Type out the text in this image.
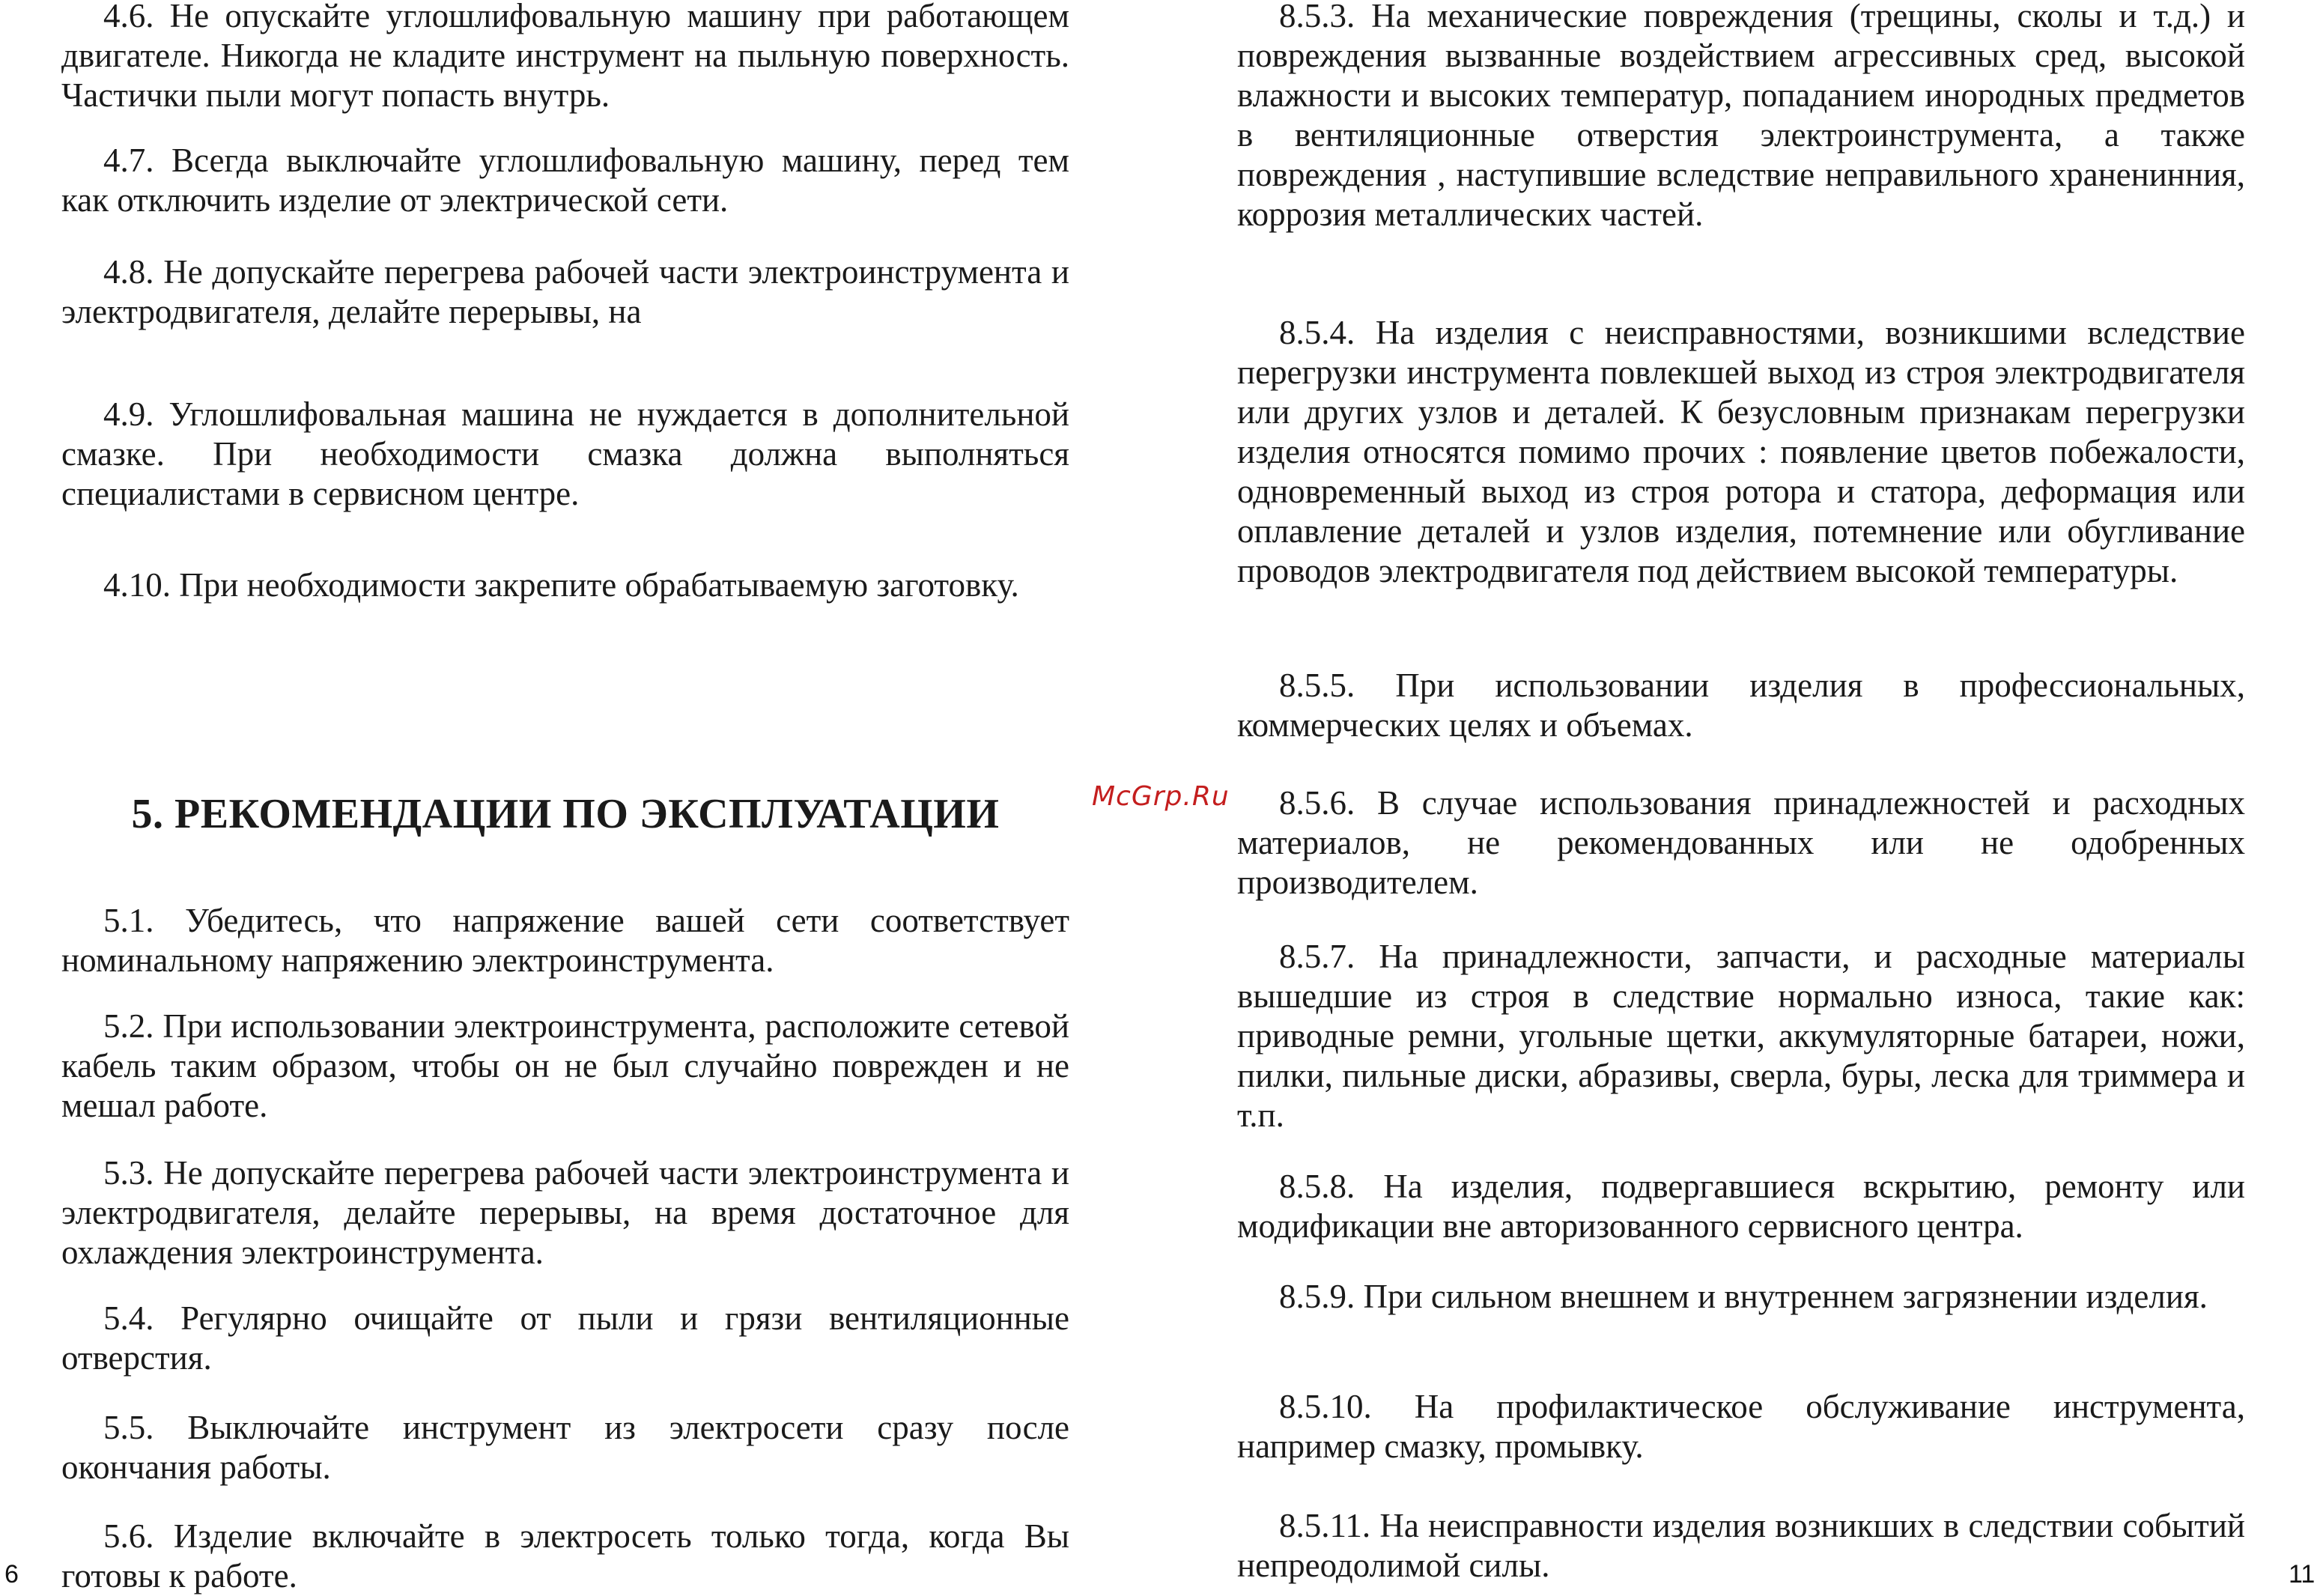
4.6. Не опускайте углошлифовальную машину при работающем двигателе. Никогда не кладите инструмент на пыльную поверхность. Частички пыли могут попасть внутрь.

4.7. Всегда выключайте углошлифовальную машину, перед тем как отключить изделие от электрической сети.

4.8. Не допускайте перегрева рабочей части электроинструмента и электродвигателя, делайте перерывы, на

4.9. Углошлифовальная машина не нуждается в дополнительной смазке. При необходимости смазка должна выполняться специалистами в сервисном центре.

4.10. При необходимости закрепите обрабатываемую заготовку.

5. РЕКОМЕНДАЦИИ ПО ЭКСПЛУАТАЦИИ

5.1. Убедитесь, что напряжение вашей сети соответствует номинальному напряжению электроинструмента.

5.2. При использовании электроинструмента, расположите сетевой кабель таким образом, чтобы он не был случайно поврежден и не мешал работе.

5.3. Не допускайте перегрева рабочей части электроинструмента и электродвигателя, делайте перерывы, на время достаточное для охлаждения электроинструмента.

5.4. Регулярно очищайте от пыли и грязи вентиляционные отверстия.

5.5. Выключайте инструмент из электросети сразу после окончания работы.

5.6. Изделие включайте в электросеть только тогда, когда Вы готовы к работе.

8.5.3. На механические повреждения (трещины, сколы и т.д.) и повреждения вызванные воздействием агрессивных сред, высокой влажности и высоких температур, попаданием инородных предметов в вентиляционные отверстия электроинструмента, а также повреждения , наступившие вследствие неправильного храненинния, коррозия металлических частей.

8.5.4. На изделия с неисправностями, возникшими вследствие перегрузки инструмента повлекшей выход из строя электродвигателя или других узлов и деталей. К безусловным признакам перегрузки изделия относятся помимо прочих : появление цветов побежалости, одновременный выход из строя ротора и статора, деформация или оплавление деталей и узлов изделия, потемнение или обугливание проводов электродвигателя под действием высокой температуры.

8.5.5. При использовании изделия в профессиональных, коммерческих целях и объемах.

8.5.6. В случае использования принадлежностей и расходных материалов, не рекомендованных или не одобренных производителем.

8.5.7. На принадлежности, запчасти, и расходные материалы вышедшие из строя в следствие нормально износа, такие как: приводные ремни, угольные щетки, аккумуляторные батареи, ножи, пилки, пильные диски, абразивы, сверла, буры, леска для триммера и т.п.

8.5.8. На изделия, подвергавшиеся вскрытию, ремонту или модификации вне авторизованного сервисного центра.

8.5.9. При сильном внешнем и внутреннем загрязнении изделия.

8.5.10. На профилактическое обслуживание инструмента, например смазку, промывку.

8.5.11. На неисправности изделия возникших в следствии событий непреодолимой силы.

McGrp.Ru
6	11
